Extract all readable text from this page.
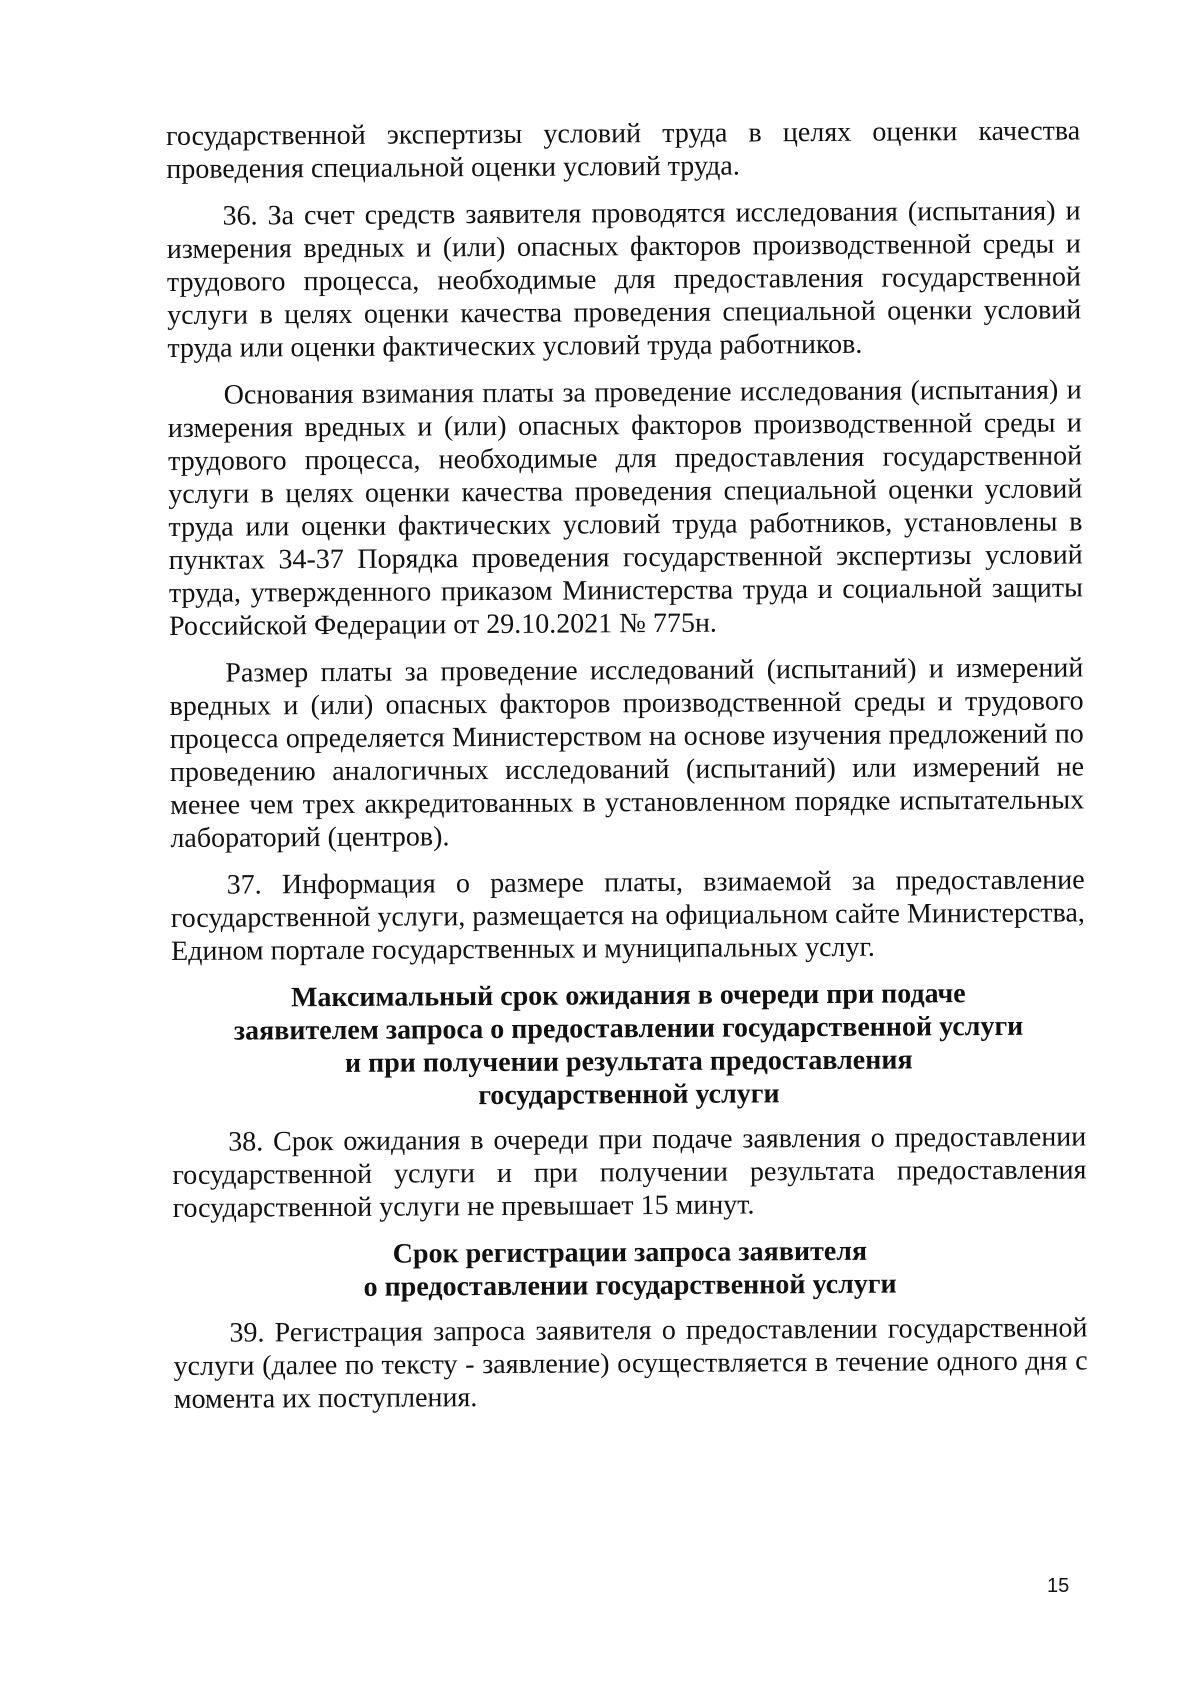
государственной экспертизы условий труда в целях оценки качества проведения специальной оценки условий труда.

36. За счет средств заявителя проводятся исследования (испытания) и измерения вредных и (или) опасных факторов производственной среды и трудового процесса, необходимые для предоставления государственной услуги в целях оценки качества проведения специальной оценки условий труда или оценки фактических условий труда работников.

Основания взимания платы за проведение исследования (испытания) и измерения вредных и (или) опасных факторов производственной среды и трудового процесса, необходимые для предоставления государственной услуги в целях оценки качества проведения специальной оценки условий труда или оценки фактических условий труда работников, установлены в пунктах 34-37 Порядка проведения государственной экспертизы условий труда, утвержденного приказом Министерства труда и социальной защиты Российской Федерации от 29.10.2021 № 775н.

Размер платы за проведение исследований (испытаний) и измерений вредных и (или) опасных факторов производственной среды и трудового процесса определяется Министерством на основе изучения предложений по проведению аналогичных исследований (испытаний) или измерений не менее чем трех аккредитованных в установленном порядке испытательных лабораторий (центров).

37. Информация о размере платы, взимаемой за предоставление государственной услуги, размещается на официальном сайте Министерства, Едином портале государственных и муниципальных услуг.

Максимальный срок ожидания в очереди при подаче
заявителем запроса о предоставлении государственной услуги
и при получении результата предоставления
государственной услуги

38. Срок ожидания в очереди при подаче заявления о предоставлении государственной услуги и при получении результата предоставления государственной услуги не превышает 15 минут.

Срок регистрации запроса заявителя
о предоставлении государственной услуги

39. Регистрация запроса заявителя о предоставлении государственной услуги (далее по тексту - заявление) осуществляется в течение одного дня с момента их поступления.

15
